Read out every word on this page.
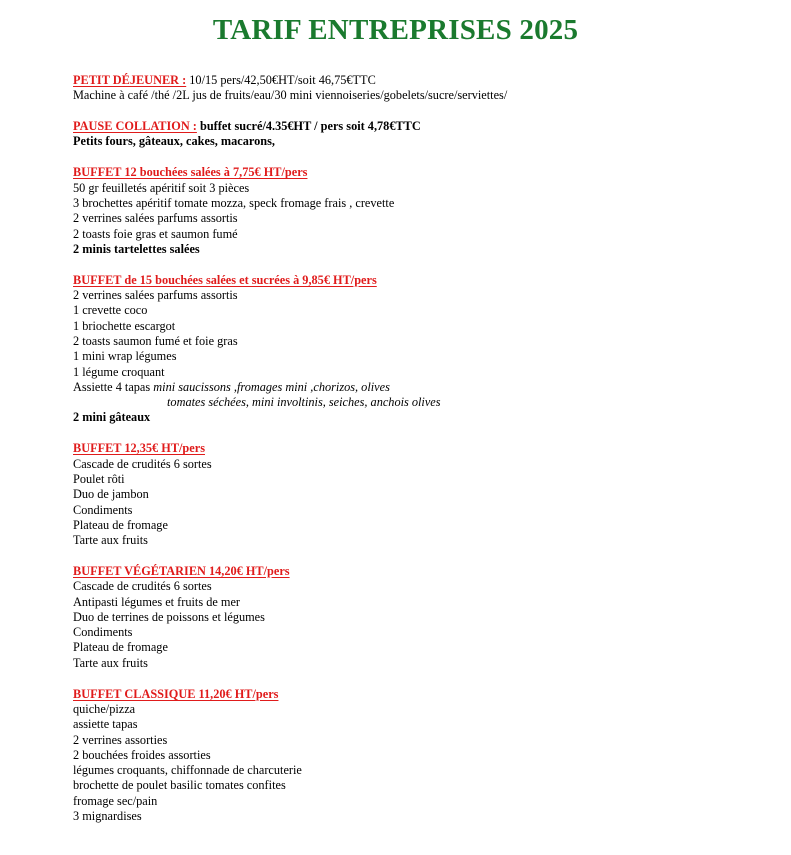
TARIF ENTREPRISES 2025
PETIT DÉJEUNER : 10/15 pers/42,50€HT/soit 46,75€TTC
Machine à café /thé /2L jus de fruits/eau/30 mini viennoiseries/gobelets/sucre/serviettes/
PAUSE COLLATION : buffet sucré/4.35€HT / pers soit 4,78€TTC
Petits fours, gâteaux, cakes, macarons,
BUFFET 12 bouchées salées à 7,75€ HT/pers
50 gr feuilletés apéritif soit 3 pièces
3 brochettes apéritif tomate mozza, speck fromage frais , crevette
2 verrines salées parfums assortis
2 toasts foie gras et saumon fumé
2 minis tartelettes salées
BUFFET de 15 bouchées salées et sucrées à 9,85€ HT/pers
2 verrines salées parfums assortis
1 crevette coco
1 briochette escargot
2 toasts saumon fumé et foie gras
1 mini wrap légumes
1 légume croquant
Assiette 4 tapas mini saucissons ,fromages mini ,chorizos, olives
tomates séchées, mini involtinis, seiches, anchois olives
2 mini gâteaux
BUFFET 12,35€ HT/pers
Cascade de crudités 6 sortes
Poulet rôti
Duo de jambon
Condiments
Plateau de fromage
Tarte aux fruits
BUFFET VÉGÉTARIEN 14,20€ HT/pers
Cascade de crudités 6 sortes
Antipasti légumes et fruits de mer
Duo de terrines de poissons et légumes
Condiments
Plateau de fromage
Tarte aux fruits
BUFFET CLASSIQUE 11,20€ HT/pers
quiche/pizza
assiette tapas
2 verrines assorties
2 bouchées froides assorties
légumes croquants, chiffonnade de charcuterie
brochette de poulet basilic tomates confites
fromage sec/pain
3 mignardises
